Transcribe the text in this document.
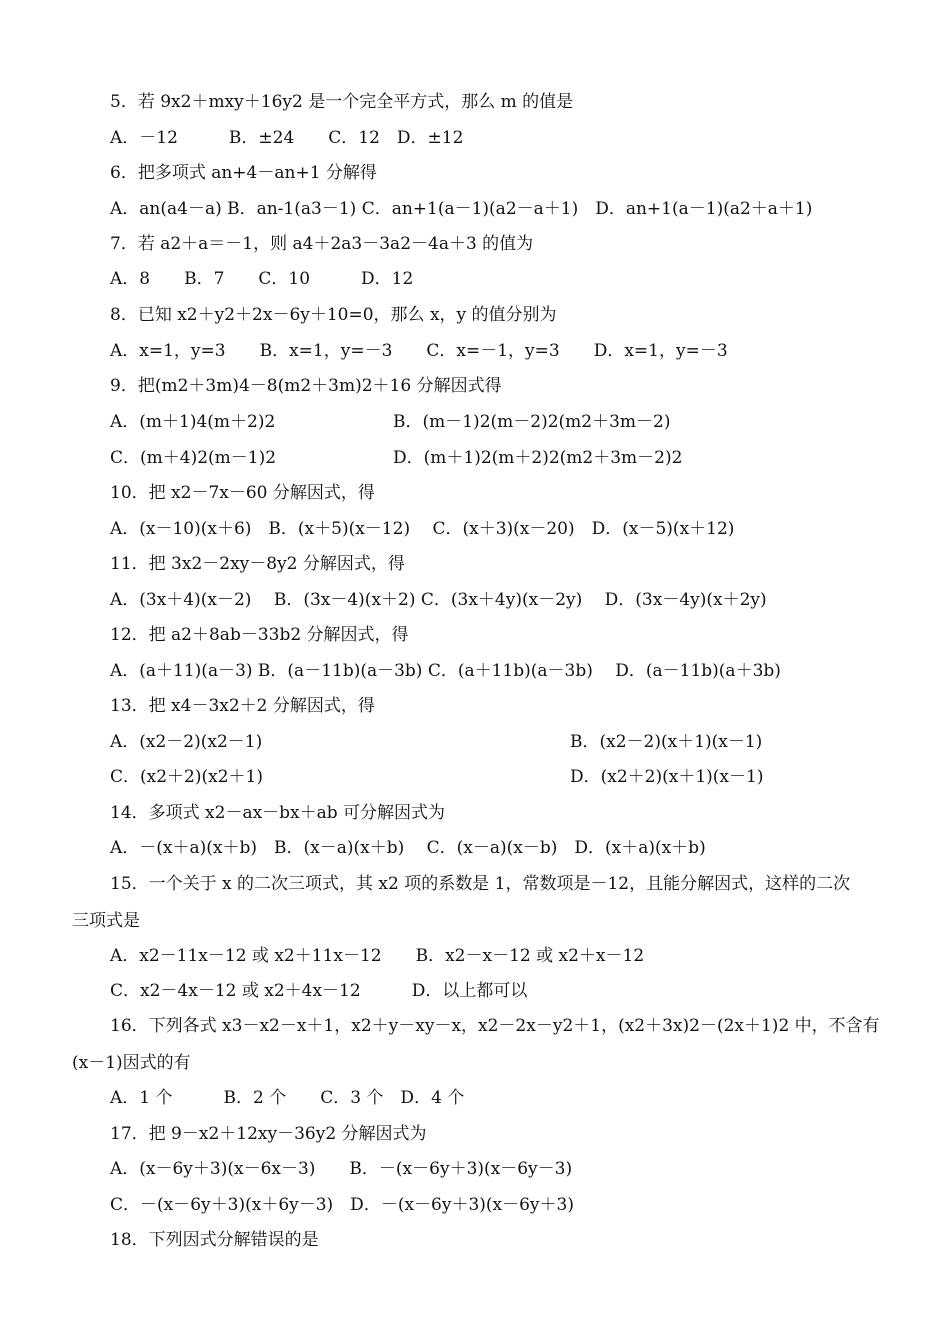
5．若 9x2＋mxy＋16y2 是一个完全平方式，那么 m 的值是
A．－12　　　B．±24　　C．12　D．±12
6．把多项式 an+4－an+1 分解得
A．an(a4－a) B．an-1(a3－1) C．an+1(a－1)(a2－a＋1)　D．an+1(a－1)(a2＋a＋1)
7．若 a2＋a＝－1，则 a4＋2a3－3a2－4a＋3 的值为
A．8　　B．7　　C．10　　　D．12
8．已知 x2＋y2＋2x－6y＋10=0，那么 x，y 的值分别为
A．x=1，y=3　　B．x=1，y=－3　　C．x=－1，y=3　　D．x=1，y=－3
9．把(m2＋3m)4－8(m2＋3m)2＋16 分解因式得
A．(m＋1)4(m＋2)2	B．(m－1)2(m－2)2(m2＋3m－2)
C．(m＋4)2(m－1)2	D．(m＋1)2(m＋2)2(m2＋3m－2)2
10．把 x2－7x－60 分解因式，得
A．(x－10)(x＋6)　B．(x＋5)(x－12)　 C．(x＋3)(x－20)　D．(x－5)(x＋12)
11．把 3x2－2xy－8y2 分解因式，得
A．(3x＋4)(x－2)　 B．(3x－4)(x＋2) C．(3x＋4y)(x－2y)　 D．(3x－4y)(x＋2y)
12．把 a2＋8ab－33b2 分解因式，得
A．(a＋11)(a－3) B．(a－11b)(a－3b) C．(a＋11b)(a－3b)　 D．(a－11b)(a＋3b)
13．把 x4－3x2＋2 分解因式，得
A．(x2－2)(x2－1)	B．(x2－2)(x＋1)(x－1)
C．(x2＋2)(x2＋1)	D．(x2＋2)(x＋1)(x－1)
14．多项式 x2－ax－bx＋ab 可分解因式为
A．－(x＋a)(x＋b)　B．(x－a)(x＋b)　 C．(x－a)(x－b)　D．(x＋a)(x＋b)
15．一个关于 x 的二次三项式，其 x2 项的系数是 1，常数项是－12，且能分解因式，这样的二次
三项式是
A．x2－11x－12 或 x2＋11x－12　　B．x2－x－12 或 x2＋x－12
C．x2－4x－12 或 x2＋4x－12　　　D．以上都可以
16．下列各式 x3－x2－x＋1，x2＋y－xy－x，x2－2x－y2＋1，(x2＋3x)2－(2x＋1)2 中，不含有
(x－1)因式的有
A．1 个　　　B．2 个　　C．3 个　D．4 个
17．把 9－x2＋12xy－36y2 分解因式为
A．(x－6y＋3)(x－6x－3)　　B．－(x－6y＋3)(x－6y－3)
C．－(x－6y＋3)(x＋6y－3)　D．－(x－6y＋3)(x－6y＋3)
18．下列因式分解错误的是
